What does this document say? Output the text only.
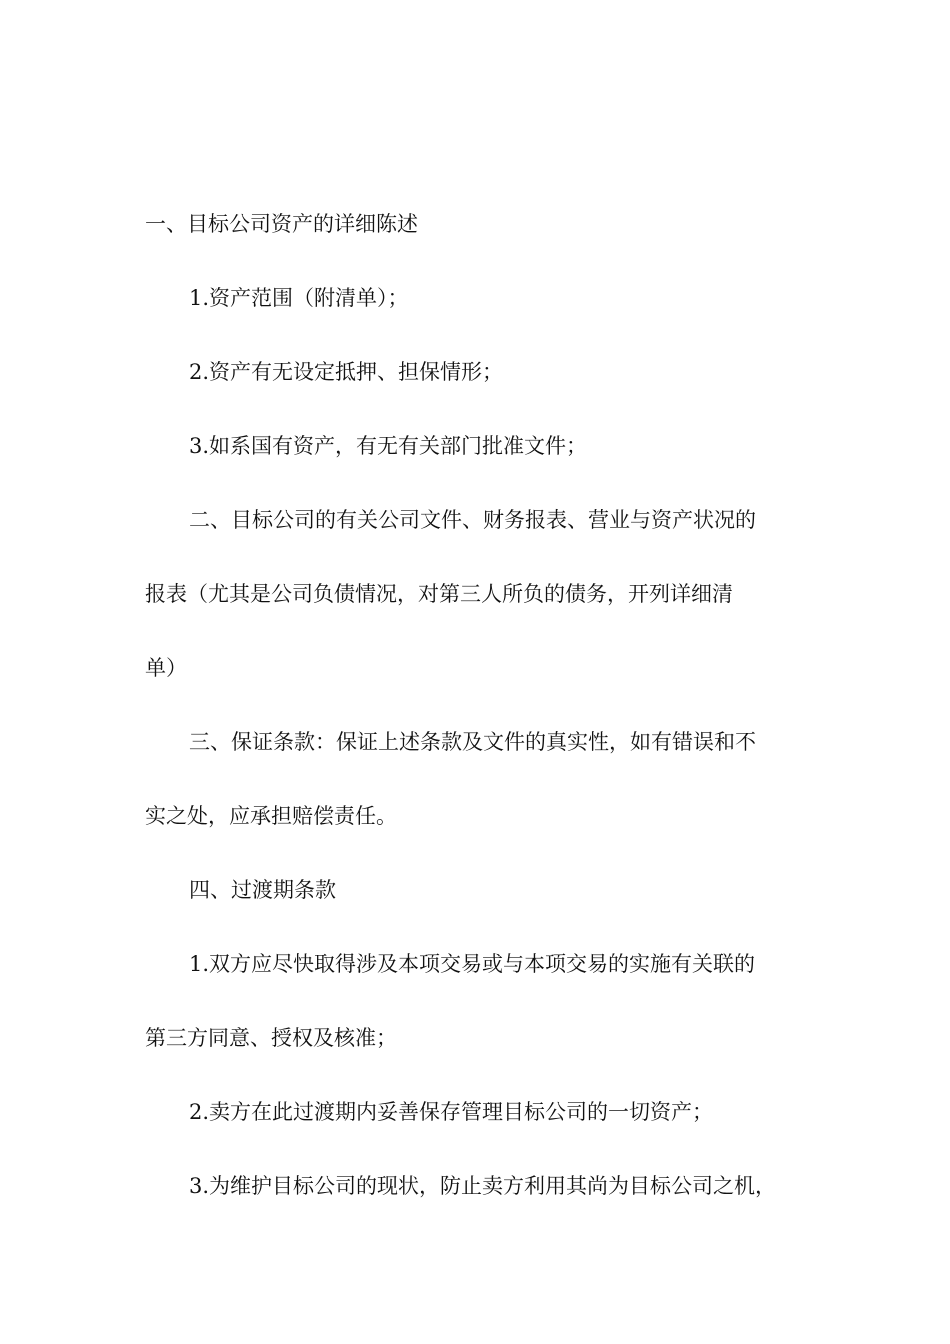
一、目标公司资产的详细陈述
1.资产范围（附清单）；
2.资产有无设定抵押、担保情形；
3.如系国有资产，有无有关部门批准文件；
二、目标公司的有关公司文件、财务报表、营业与资产状况的
报表（尤其是公司负债情况，对第三人所负的债务，开列详细清
单）
三、保证条款：保证上述条款及文件的真实性，如有错误和不
实之处，应承担赔偿责任。
四、过渡期条款
1.双方应尽快取得涉及本项交易或与本项交易的实施有关联的
第三方同意、授权及核准；
2.卖方在此过渡期内妥善保存管理目标公司的一切资产；
3.为维护目标公司的现状，防止卖方利用其尚为目标公司之机，
